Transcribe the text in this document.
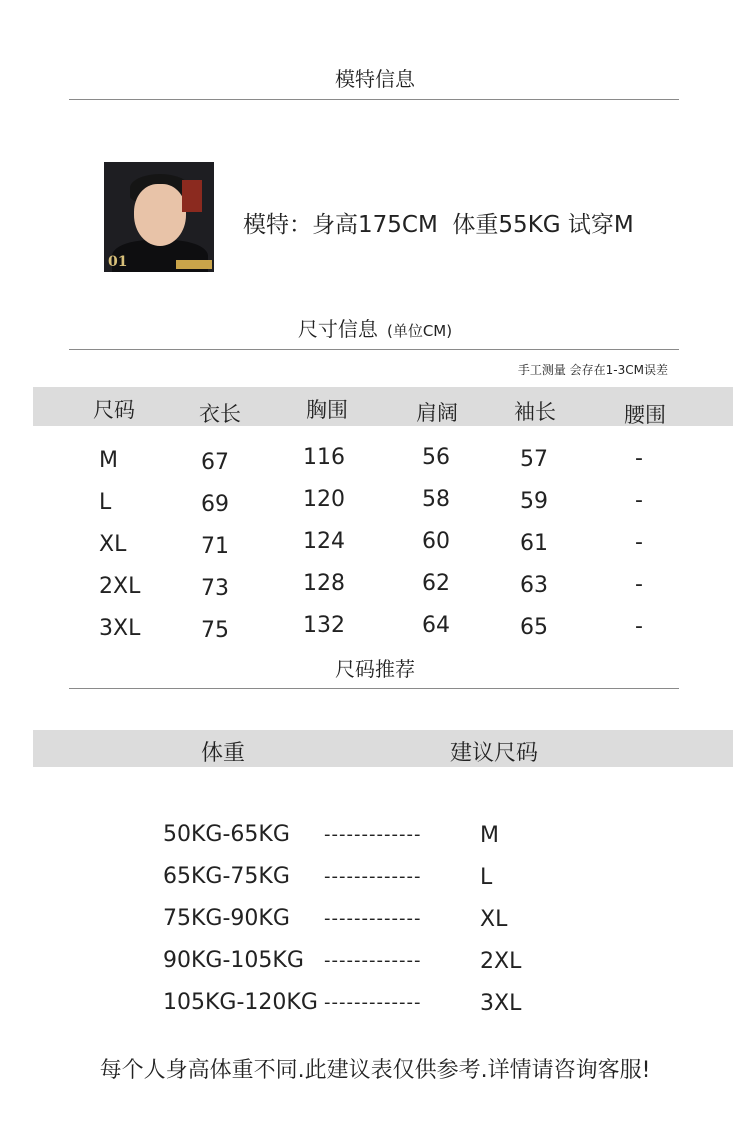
模特信息
01
模特：身高175CM  体重55KG 试穿M
尺寸信息 (单位CM)
手工测量 会存在1-3CM误差
尺码	衣长	胸围	肩阔	袖长	腰围
M	67	116	56	57	-
L	69	120	58	59	-
XL	71	124	60	61	-
2XL	73	128	62	63	-
3XL	75	132	64	65	-
尺码推荐
体重	建议尺码
50KG-65KG -------------	M
65KG-75KG -------------	L
75KG-90KG -------------	XL
90KG-105KG -------------	2XL
105KG-120KG -------------	3XL
每个人身高体重不同.此建议表仅供参考.详情请咨询客服!
